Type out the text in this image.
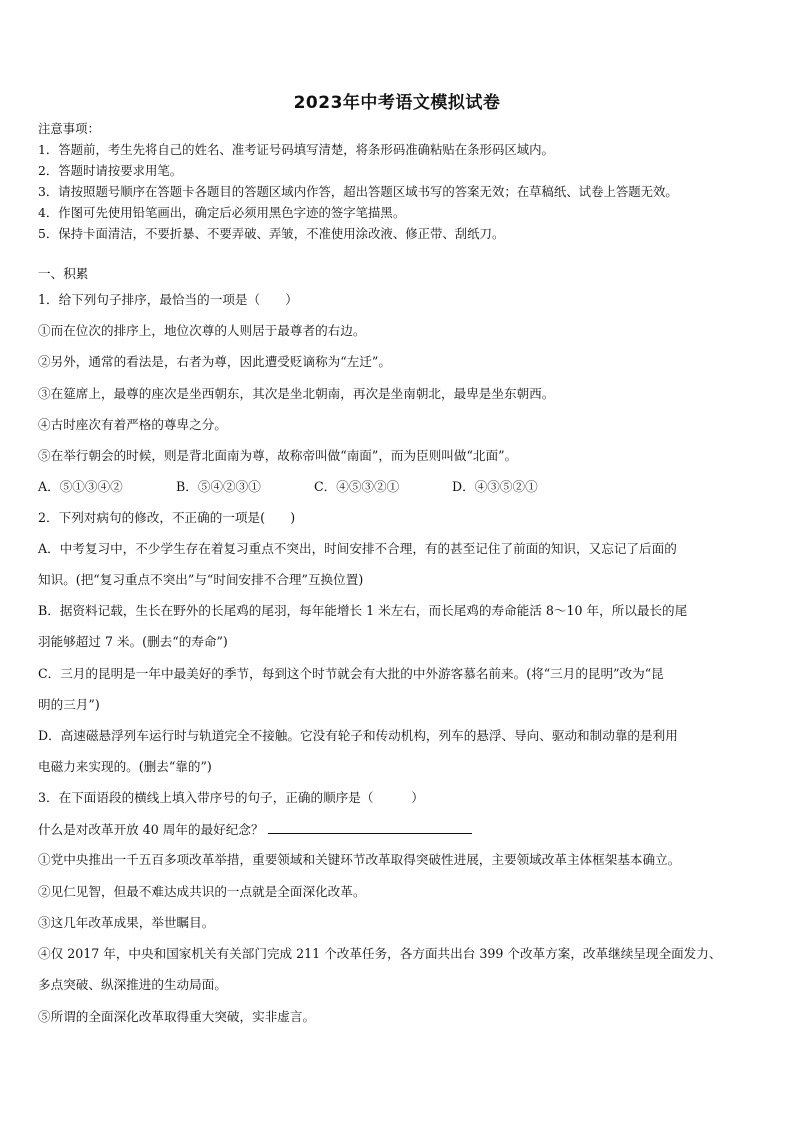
2023年中考语文模拟试卷
注意事项：
1．答题前，考生先将自己的姓名、准考证号码填写清楚，将条形码准确粘贴在条形码区域内。
2．答题时请按要求用笔。
3．请按照题号顺序在答题卡各题目的答题区域内作答，超出答题区域书写的答案无效；在草稿纸、试卷上答题无效。
4．作图可先使用铅笔画出，确定后必须用黑色字迹的签字笔描黑。
5．保持卡面清洁，不要折暴、不要弄破、弄皱，不准使用涂改液、修正带、刮纸刀。
一、积累
1．给下列句子排序，最恰当的一项是（　　）
①而在位次的排序上，地位次尊的人则居于最尊者的右边。
②另外，通常的看法是，右者为尊，因此遭受贬谪称为“左迁”。
③在筵席上，最尊的座次是坐西朝东，其次是坐北朝南，再次是坐南朝北，最卑是坐东朝西。
④古时座次有着严格的尊卑之分。
⑤在举行朝会的时候，则是背北面南为尊，故称帝叫做“南面”，而为臣则叫做“北面”。
A．⑤①③④②	B．⑤④②③①	C．④⑤③②①	D．④③⑤②①
2．下列对病句的修改，不正确的一项是(　　)
A．中考复习中，不少学生存在着复习重点不突出，时间安排不合理，有的甚至记住了前面的知识，又忘记了后面的
知识。(把“复习重点不突出”与“时间安排不合理”互换位置)
B．据资料记载，生长在野外的长尾鸡的尾羽，每年能增长 1 米左右，而长尾鸡的寿命能活 8～10 年，所以最长的尾
羽能够超过 7 米。(删去“的寿命”)
C．三月的昆明是一年中最美好的季节，每到这个时节就会有大批的中外游客慕名前来。(将“三月的昆明”改为“昆
明的三月”)
D．高速磁悬浮列车运行时与轨道完全不接触。它没有轮子和传动机构，列车的悬浮、导向、驱动和制动靠的是利用
电磁力来实现的。(删去“靠的”)
3．在下面语段的横线上填入带序号的句子，正确的顺序是（　　　）
什么是对改革开放 40 周年的最好纪念？
①党中央推出一千五百多项改革举措，重要领域和关键环节改革取得突破性进展，主要领域改革主体框架基本确立。
②见仁见智，但最不难达成共识的一点就是全面深化改革。
③这几年改革成果，举世瞩目。
④仅 2017 年，中央和国家机关有关部门完成 211 个改革任务，各方面共出台 399 个改革方案，改革继续呈现全面发力、
多点突破、纵深推进的生动局面。
⑤所谓的全面深化改革取得重大突破，实非虚言。
